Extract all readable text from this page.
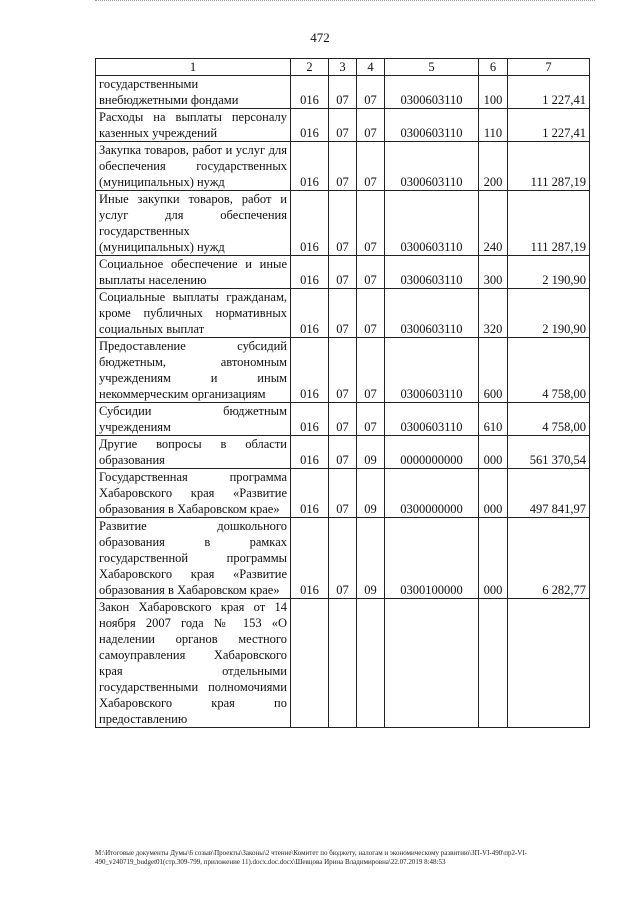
472
1	2	3	4	5	6	7
государственными внебюджетными фондами	016	07	07	0300603110	100	1 227,41
Расходы на выплаты персоналу казенных учреждений	016	07	07	0300603110	110	1 227,41
Закупка товаров, работ и услуг для обеспечения государственных (муниципальных) нужд	016	07	07	0300603110	200	111 287,19
Иные закупки товаров, работ и услуг для обеспечения государственных (муниципальных) нужд	016	07	07	0300603110	240	111 287,19
Социальное обеспечение и иные выплаты населению	016	07	07	0300603110	300	2 190,90
Социальные выплаты гражданам, кроме публичных нормативных социальных выплат	016	07	07	0300603110	320	2 190,90
Предоставление субсидий бюджетным, автономным учреждениям и иным некоммерческим организациям	016	07	07	0300603110	600	4 758,00
Субсидии бюджетным учреждениям	016	07	07	0300603110	610	4 758,00
Другие вопросы в области образования	016	07	09	0000000000	000	561 370,54
Государственная программа Хабаровского края «Развитие образования в Хабаровском крае»	016	07	09	0300000000	000	497 841,97
Развитие дошкольного образования в рамках государственной программы Хабаровского края «Развитие образования в Хабаровском крае»	016	07	09	0300100000	000	6 282,77
Закон Хабаровского края от 14 ноября 2007 года № 153 «О наделении органов местного самоуправления Хабаровского края отдельными государственными полномочиями Хабаровского края по предоставлению						
M:\Итоговые документы Думы\6 созыв\Проекты\Законы\2 чтение\Комитет по бюджету, налогам и экономическому развитию\ЗП-VI-490\пр2-VI-490_v240719_budget01(стр.309-799, приложение 11).docx.doc.docx\Шевцова Ирина Владимировна\22.07.2019 8:48:53
